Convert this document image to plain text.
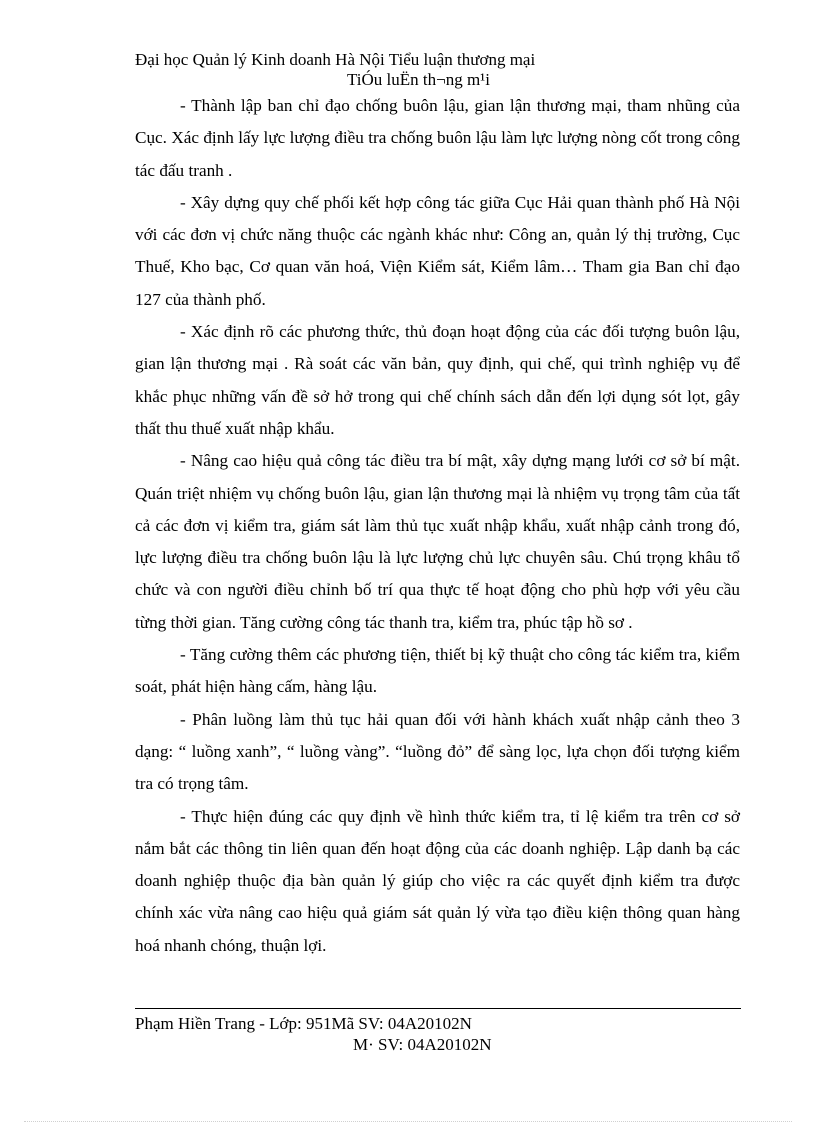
Đại học Quản lý Kinh doanh Hà Nội Tiểu luận thương mại
TiÓu luËn th¬ng m¹i

- Thành lập ban chỉ đạo chống buôn lậu, gian lận thương mại, tham nhũng của Cục. Xác định lấy lực lượng điều tra chống buôn lậu làm lực lượng nòng cốt trong công tác đấu tranh .

- Xây dựng quy chế phối kết hợp công tác giữa Cục Hải quan thành phố Hà Nội với các đơn vị chức năng thuộc các ngành khác như: Công an, quản lý thị trường, Cục Thuế, Kho bạc, Cơ quan văn hoá, Viện Kiểm sát, Kiểm lâm… Tham gia Ban chỉ đạo 127 của thành phố.

- Xác định rõ các phương thức, thủ đoạn hoạt động của các đối tượng buôn lậu, gian lận thương mại . Rà soát các văn bản, quy định, qui chế, qui trình nghiệp vụ để khắc phục những vấn đề sở hở trong qui chế chính sách dẫn đến lợi dụng sót lọt, gây thất thu thuế xuất nhập khẩu.

- Nâng cao hiệu quả công tác điều tra bí mật, xây dựng mạng lưới cơ sở bí mật. Quán triệt nhiệm vụ chống buôn lậu, gian lận thương mại là nhiệm vụ trọng tâm của tất cả các đơn vị kiểm tra, giám sát làm thủ tục xuất nhập khẩu, xuất nhập cảnh trong đó, lực lượng điều tra chống buôn lậu là lực lượng chủ lực chuyên sâu. Chú trọng khâu tổ chức và con người điều chỉnh bố trí qua thực tế hoạt động cho phù hợp với yêu cầu từng thời gian. Tăng cường công tác thanh tra, kiểm tra, phúc tập hồ sơ .

- Tăng cường thêm các phương tiện, thiết bị kỹ thuật cho công tác kiểm tra, kiểm soát, phát hiện hàng cấm, hàng lậu.

- Phân luồng làm thủ tục hải quan đối với hành khách xuất nhập cảnh theo 3 dạng: “ luồng xanh”, “ luồng vàng”. “luồng đỏ” để sàng lọc, lựa chọn đối tượng kiểm tra có trọng tâm.

- Thực hiện đúng các quy định về hình thức kiểm tra, tỉ lệ kiểm tra trên cơ sở nắm bắt các thông tin liên quan đến hoạt động của các doanh nghiệp. Lập danh bạ các doanh nghiệp thuộc địa bàn quản lý giúp cho việc ra các quyết định kiểm tra được chính xác vừa nâng cao hiệu quả giám sát quản lý vừa tạo điều kiện thông quan hàng hoá nhanh chóng, thuận lợi.

Phạm Hiền Trang - Lớp: 951Mã SV: 04A20102N
M· SV: 04A20102N
